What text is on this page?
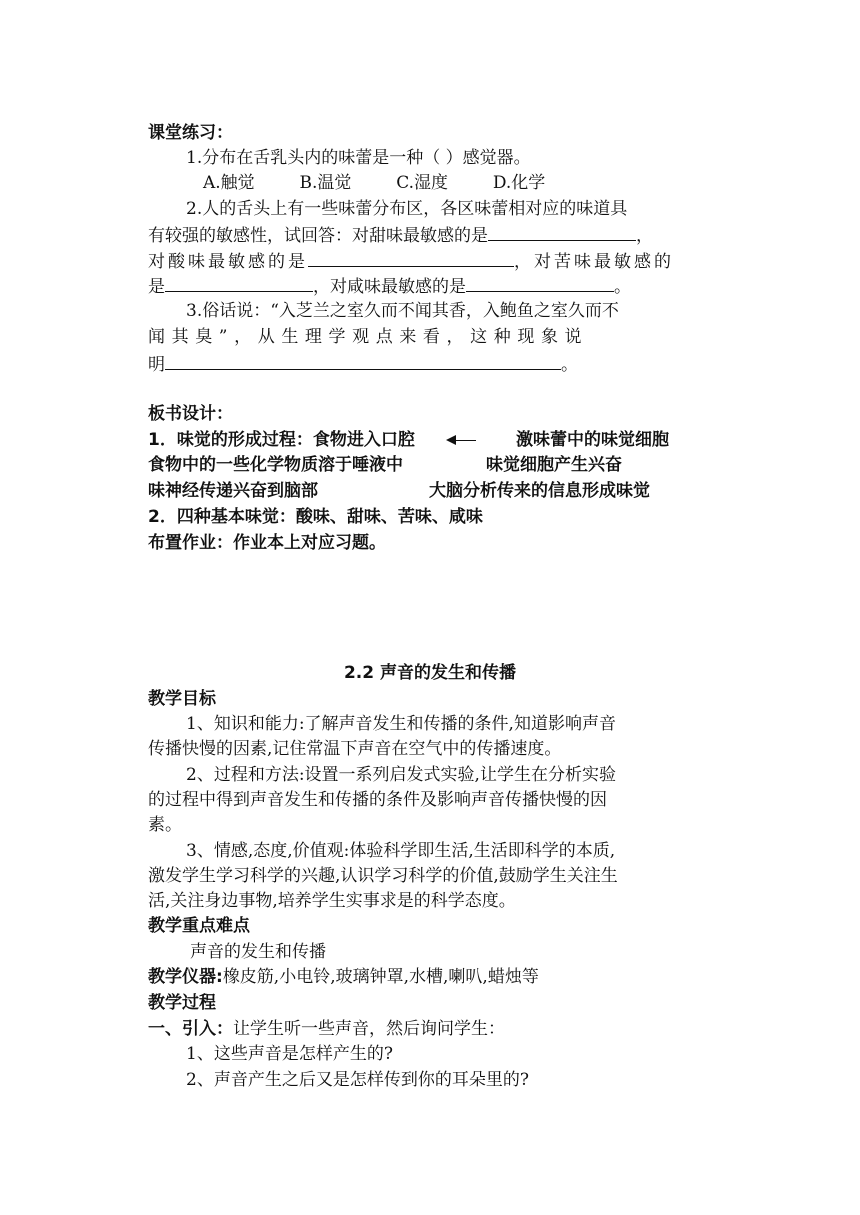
课堂练习：
1.分布在舌乳头内的味蕾是一种（ ）感觉器。
A.触觉	B.温觉	C.湿度	D.化学
2.人的舌头上有一些味蕾分布区，各区味蕾相对应的味道具
有较强的敏感性，试回答：对甜味最敏感的是	，
对酸味最敏感的是	，对苦味最敏感的
是	，对咸味最敏感的是	。
3.俗话说：“入芝兰之室久而不闻其香，入鲍鱼之室久而不
闻 其 臭 ” ， 从 生 理 学 观 点 来 看 ， 这 种 现 象 说
明	。
板书设计：
1．味觉的形成过程：食物进入口腔	激味蕾中的味觉细胞
食物中的一些化学物质溶于唾液中	味觉细胞产生兴奋
味神经传递兴奋到脑部	大脑分析传来的信息形成味觉
2．四种基本味觉：酸味、甜味、苦味、咸味
布置作业：作业本上对应习题。
2.2 声音的发生和传播
教学目标
1、知识和能力:了解声音发生和传播的条件,知道影响声音
传播快慢的因素,记住常温下声音在空气中的传播速度。
2、过程和方法:设置一系列启发式实验,让学生在分析实验
的过程中得到声音发生和传播的条件及影响声音传播快慢的因
素。
3、情感,态度,价值观:体验科学即生活,生活即科学的本质,
激发学生学习科学的兴趣,认识学习科学的价值,鼓励学生关注生
活,关注身边事物,培养学生实事求是的科学态度。
教学重点难点
声音的发生和传播
教学仪器:橡皮筋,小电铃,玻璃钟罩,水槽,喇叭,蜡烛等
教学过程
一、引入：让学生听一些声音，然后询问学生：
1、这些声音是怎样产生的?
2、声音产生之后又是怎样传到你的耳朵里的?
